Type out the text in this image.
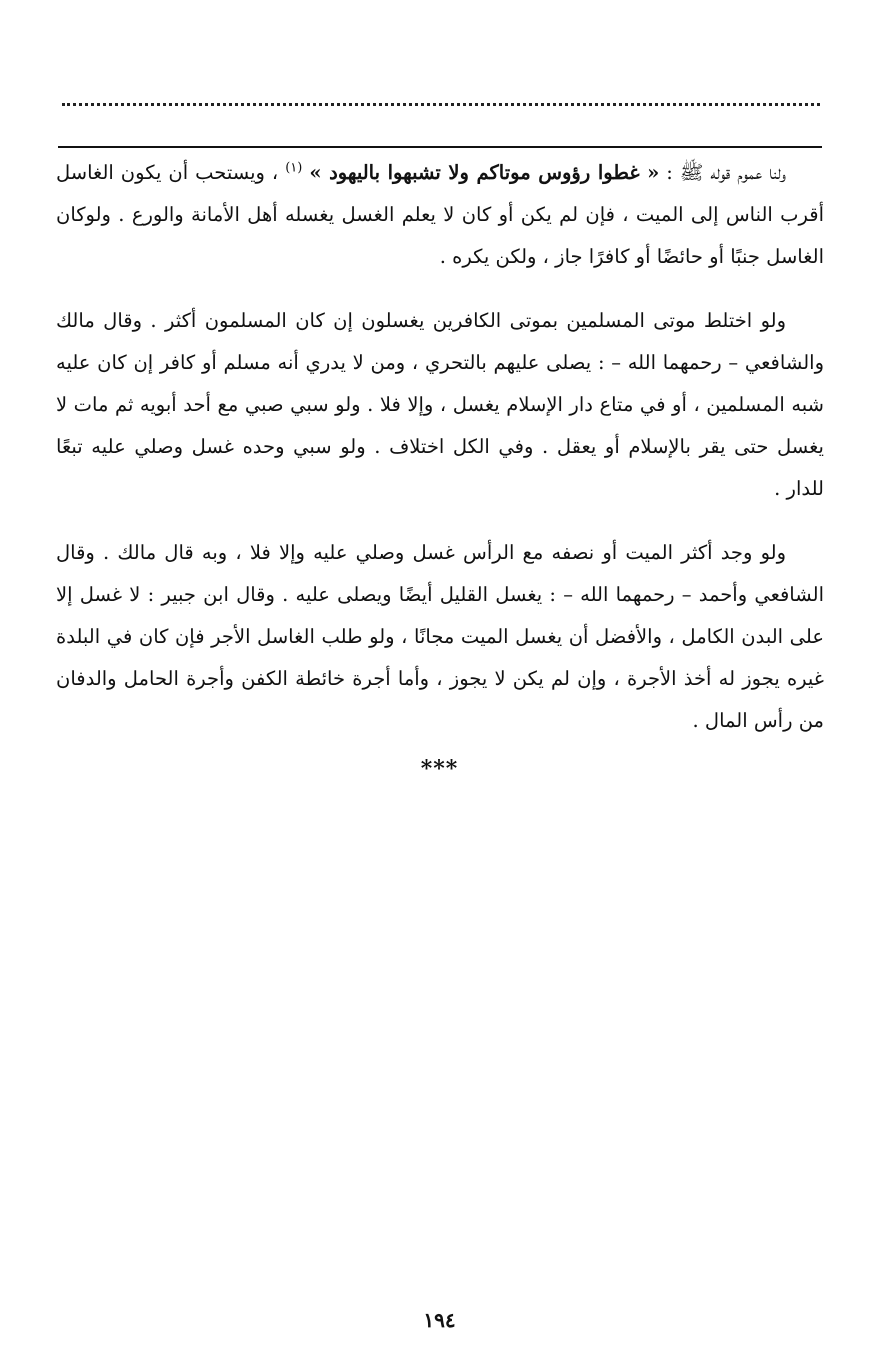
ولنا عموم قوله ﷺ : « غطوا رؤوس موتاكم ولا تشبهوا باليهود » $^{(١)}$ ، ويستحب أن يكون الغاسل أقرب الناس إلى الميت ، فإن لم يكن أو كان لا يعلم الغسل يغسله أهل الأمانة والورع . ولوكان الغاسل جنبًا أو حائضًا أو كافرًا جاز ، ولكن يكره .

ولو اختلط موتى المسلمين بموتى الكافرين يغسلون إن كان المسلمون أكثر . وقال مالك والشافعي – رحمهما الله – : يصلى عليهم بالتحري ، ومن لا يدري أنه مسلم أو كافر إن كان عليه شبه المسلمين ، أو في متاع دار الإسلام يغسل ، وإلا فلا . ولو سبي صبي مع أحد أبويه ثم مات لا يغسل حتى يقر بالإسلام أو يعقل . وفي الكل اختلاف . ولو سبي وحده غسل وصلي عليه تبعًا للدار .

ولو وجد أكثر الميت أو نصفه مع الرأس غسل وصلي عليه وإلا فلا ، وبه قال مالك . وقال الشافعي وأحمد – رحمهما الله – : يغسل القليل أيضًا ويصلى عليه . وقال ابن جبير : لا غسل إلا على البدن الكامل ، والأفضل أن يغسل الميت مجانًا ، ولو طلب الغاسل الأجر فإن كان في البلدة غيره يجوز له أخذ الأجرة ، وإن لم يكن لا يجوز ، وأما أجرة خائطة الكفن وأجرة الحامل والدفان من رأس المال .

***
١٩٤
